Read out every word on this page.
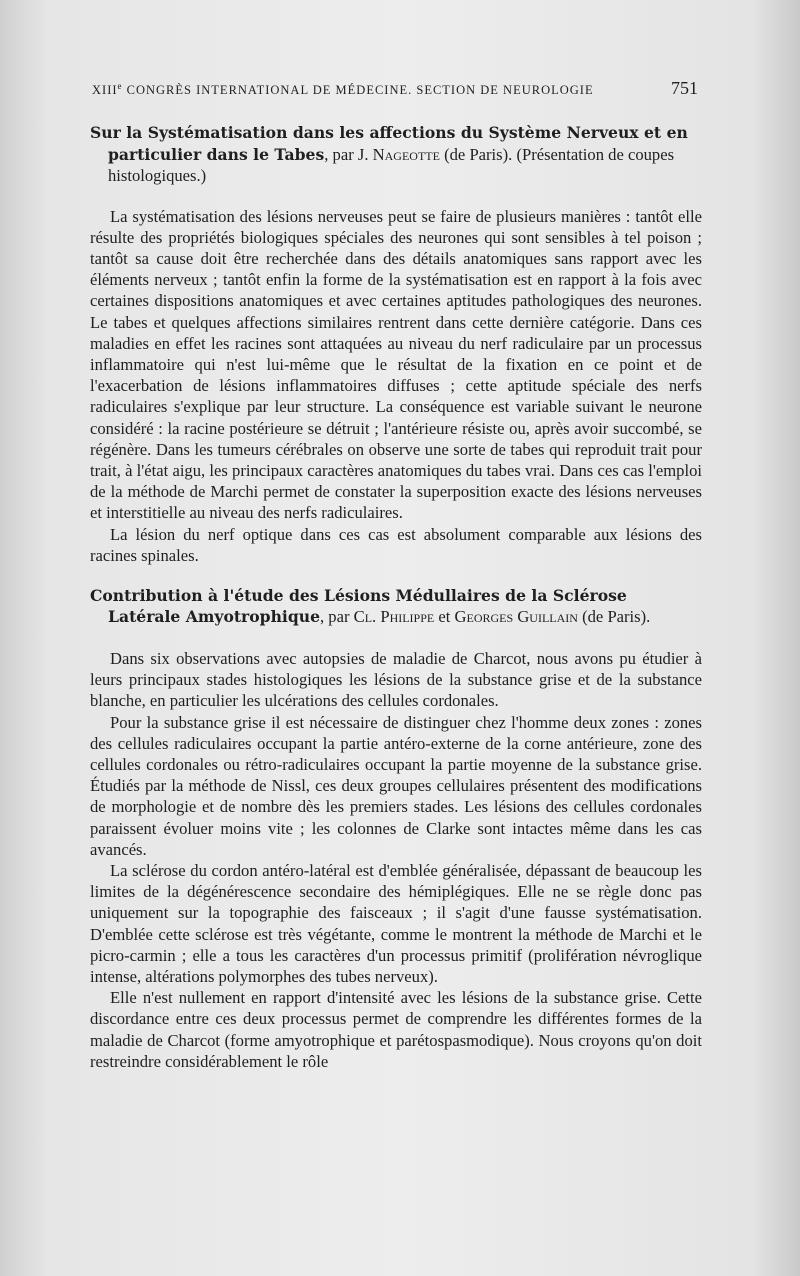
XIIIe CONGRÈS INTERNATIONAL DE MÉDECINE. SECTION DE NEUROLOGIE	751
Sur la Systématisation dans les affections du Système Nerveux et en particulier dans le Tabes, par J. Nageotte (de Paris). (Présentation de coupes histologiques.)

La systématisation des lésions nerveuses peut se faire de plusieurs manières : tantôt elle résulte des propriétés biologiques spéciales des neurones qui sont sensibles à tel poison ; tantôt sa cause doit être recherchée dans des détails anatomiques sans rapport avec les éléments nerveux ; tantôt enfin la forme de la systématisation est en rapport à la fois avec certaines dispositions anatomiques et avec certaines aptitudes pathologiques des neurones. Le tabes et quelques affections similaires rentrent dans cette dernière catégorie. Dans ces maladies en effet les racines sont attaquées au niveau du nerf radiculaire par un processus inflammatoire qui n'est lui-même que le résultat de la fixation en ce point et de l'exacerbation de lésions inflammatoires diffuses ; cette aptitude spéciale des nerfs radiculaires s'explique par leur structure. La conséquence est variable suivant le neurone considéré : la racine postérieure se détruit ; l'antérieure résiste ou, après avoir succombé, se régénère. Dans les tumeurs cérébrales on observe une sorte de tabes qui reproduit trait pour trait, à l'état aigu, les principaux caractères anatomiques du tabes vrai. Dans ces cas l'emploi de la méthode de Marchi permet de constater la superposition exacte des lésions nerveuses et interstitielle au niveau des nerfs radiculaires.

La lésion du nerf optique dans ces cas est absolument comparable aux lésions des racines spinales.

Contribution à l'étude des Lésions Médullaires de la Sclérose Latérale Amyotrophique, par Cl. Philippe et Georges Guillain (de Paris).

Dans six observations avec autopsies de maladie de Charcot, nous avons pu étudier à leurs principaux stades histologiques les lésions de la substance grise et de la substance blanche, en particulier les ulcérations des cellules cordonales.

Pour la substance grise il est nécessaire de distinguer chez l'homme deux zones : zones des cellules radiculaires occupant la partie antéro-externe de la corne antérieure, zone des cellules cordonales ou rétro-radiculaires occupant la partie moyenne de la substance grise. Étudiés par la méthode de Nissl, ces deux groupes cellulaires présentent des modifications de morphologie et de nombre dès les premiers stades. Les lésions des cellules cordonales paraissent évoluer moins vite ; les colonnes de Clarke sont intactes même dans les cas avancés.

La sclérose du cordon antéro-latéral est d'emblée généralisée, dépassant de beaucoup les limites de la dégénérescence secondaire des hémiplégiques. Elle ne se règle donc pas uniquement sur la topographie des faisceaux ; il s'agit d'une fausse systématisation. D'emblée cette sclérose est très végétante, comme le montrent la méthode de Marchi et le picro-carmin ; elle a tous les caractères d'un processus primitif (prolifération névroglique intense, altérations polymorphes des tubes nerveux).

Elle n'est nullement en rapport d'intensité avec les lésions de la substance grise. Cette discordance entre ces deux processus permet de comprendre les différentes formes de la maladie de Charcot (forme amyotrophique et parétospasmodique). Nous croyons qu'on doit restreindre considérablement le rôle
